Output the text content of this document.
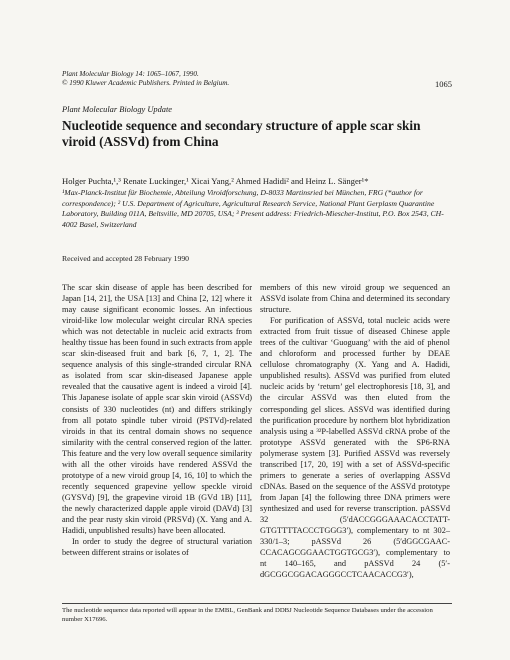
Plant Molecular Biology 14: 1065–1067, 1990.
© 1990 Kluwer Academic Publishers. Printed in Belgium.	1065
Plant Molecular Biology Update
Nucleotide sequence and secondary structure of apple scar skin viroid (ASSVd) from China
Holger Puchta,¹,³ Renate Luckinger,¹ Xicai Yang,² Ahmed Hadidi² and Heinz L. Sänger¹*
¹Max-Planck-Institut für Biochemie, Abteilung Viroidforschung, D-8033 Martinsried bei München, FRG (*author for correspondence); ² U.S. Department of Agriculture, Agricultural Research Service, National Plant Gerplasm Quarantine Laboratory, Building 011A, Beltsville, MD 20705, USA; ³ Present address: Friedrich-Miescher-Institut, P.O. Box 2543, CH-4002 Basel, Switzerland
Received and accepted 28 February 1990

The scar skin disease of apple has been described for Japan [14, 21], the USA [13] and China [2, 12] where it may cause significant economic losses. An infectious viroid-like low molecular weight circular RNA species which was not detectable in nucleic acid extracts from healthy tissue has been found in such extracts from apple scar skin-diseased fruit and bark [6, 7, 1, 2]. The sequence analysis of this single-stranded circular RNA as isolated from scar skin-diseased Japanese apple revealed that the causative agent is indeed a viroid [4]. This Japanese isolate of apple scar skin viroid (ASSVd) consists of 330 nucleotides (nt) and differs strikingly from all potato spindle tuber viroid (PSTVd)-related viroids in that its central domain shows no sequence similarity with the central conserved region of the latter. This feature and the very low overall sequence similarity with all the other viroids have rendered ASSVd the prototype of a new viroid group [4, 16, 10] to which the recently sequenced grapevine yellow speckle viroid (GYSVd) [9], the grapevine viroid 1B (GVd 1B) [11], the newly characterized dapple apple viroid (DAVd) [3] and the pear rusty skin viroid (PRSVd) (X. Yang and A. Hadidi, unpublished results) have been allocated.

In order to study the degree of structural variation between different strains or isolates of

members of this new viroid group we sequenced an ASSVd isolate from China and determined its secondary structure.

For purification of ASSVd, total nucleic acids were extracted from fruit tissue of diseased Chinese apple trees of the cultivar ‘Guoguang’ with the aid of phenol and chloroform and processed further by DEAE cellulose chromatography (X. Yang and A. Hadidi, unpublished results). ASSVd was purified from eluted nucleic acids by ‘return’ gel electrophoresis [18, 3], and the circular ASSVd was then eluted from the corresponding gel slices. ASSVd was identified during the purification procedure by northern blot hybridization analysis using a ³²P-labelled ASSVd cRNA probe of the prototype ASSVd generated with the SP6-RNA polymerase system [3]. Purified ASSVd was reversely transcribed [17, 20, 19] with a set of ASSVd-specific primers to generate a series of overlapping ASSVd cDNAs. Based on the sequence of the ASSVd prototype from Japan [4] the following three DNA primers were synthesized and used for reverse transcription. pASSVd 32 (5′dACCGGGAAACACCTATT-GTGTTTTACCCTGGG3′), complementary to nt 302–330/1–3; pASSVd 26 (5′dGGCGAAC-CCACAGCGGAACTGGTGCG3′), complementary to nt 140–165, and pASSVd 24 (5′-dGCGGCGGACAGGGCCTCAACACCG3′),

The nucleotide sequence data reported will appear in the EMBL, GenBank and DDBJ Nucleotide Sequence Databases under the accession number X17696.
